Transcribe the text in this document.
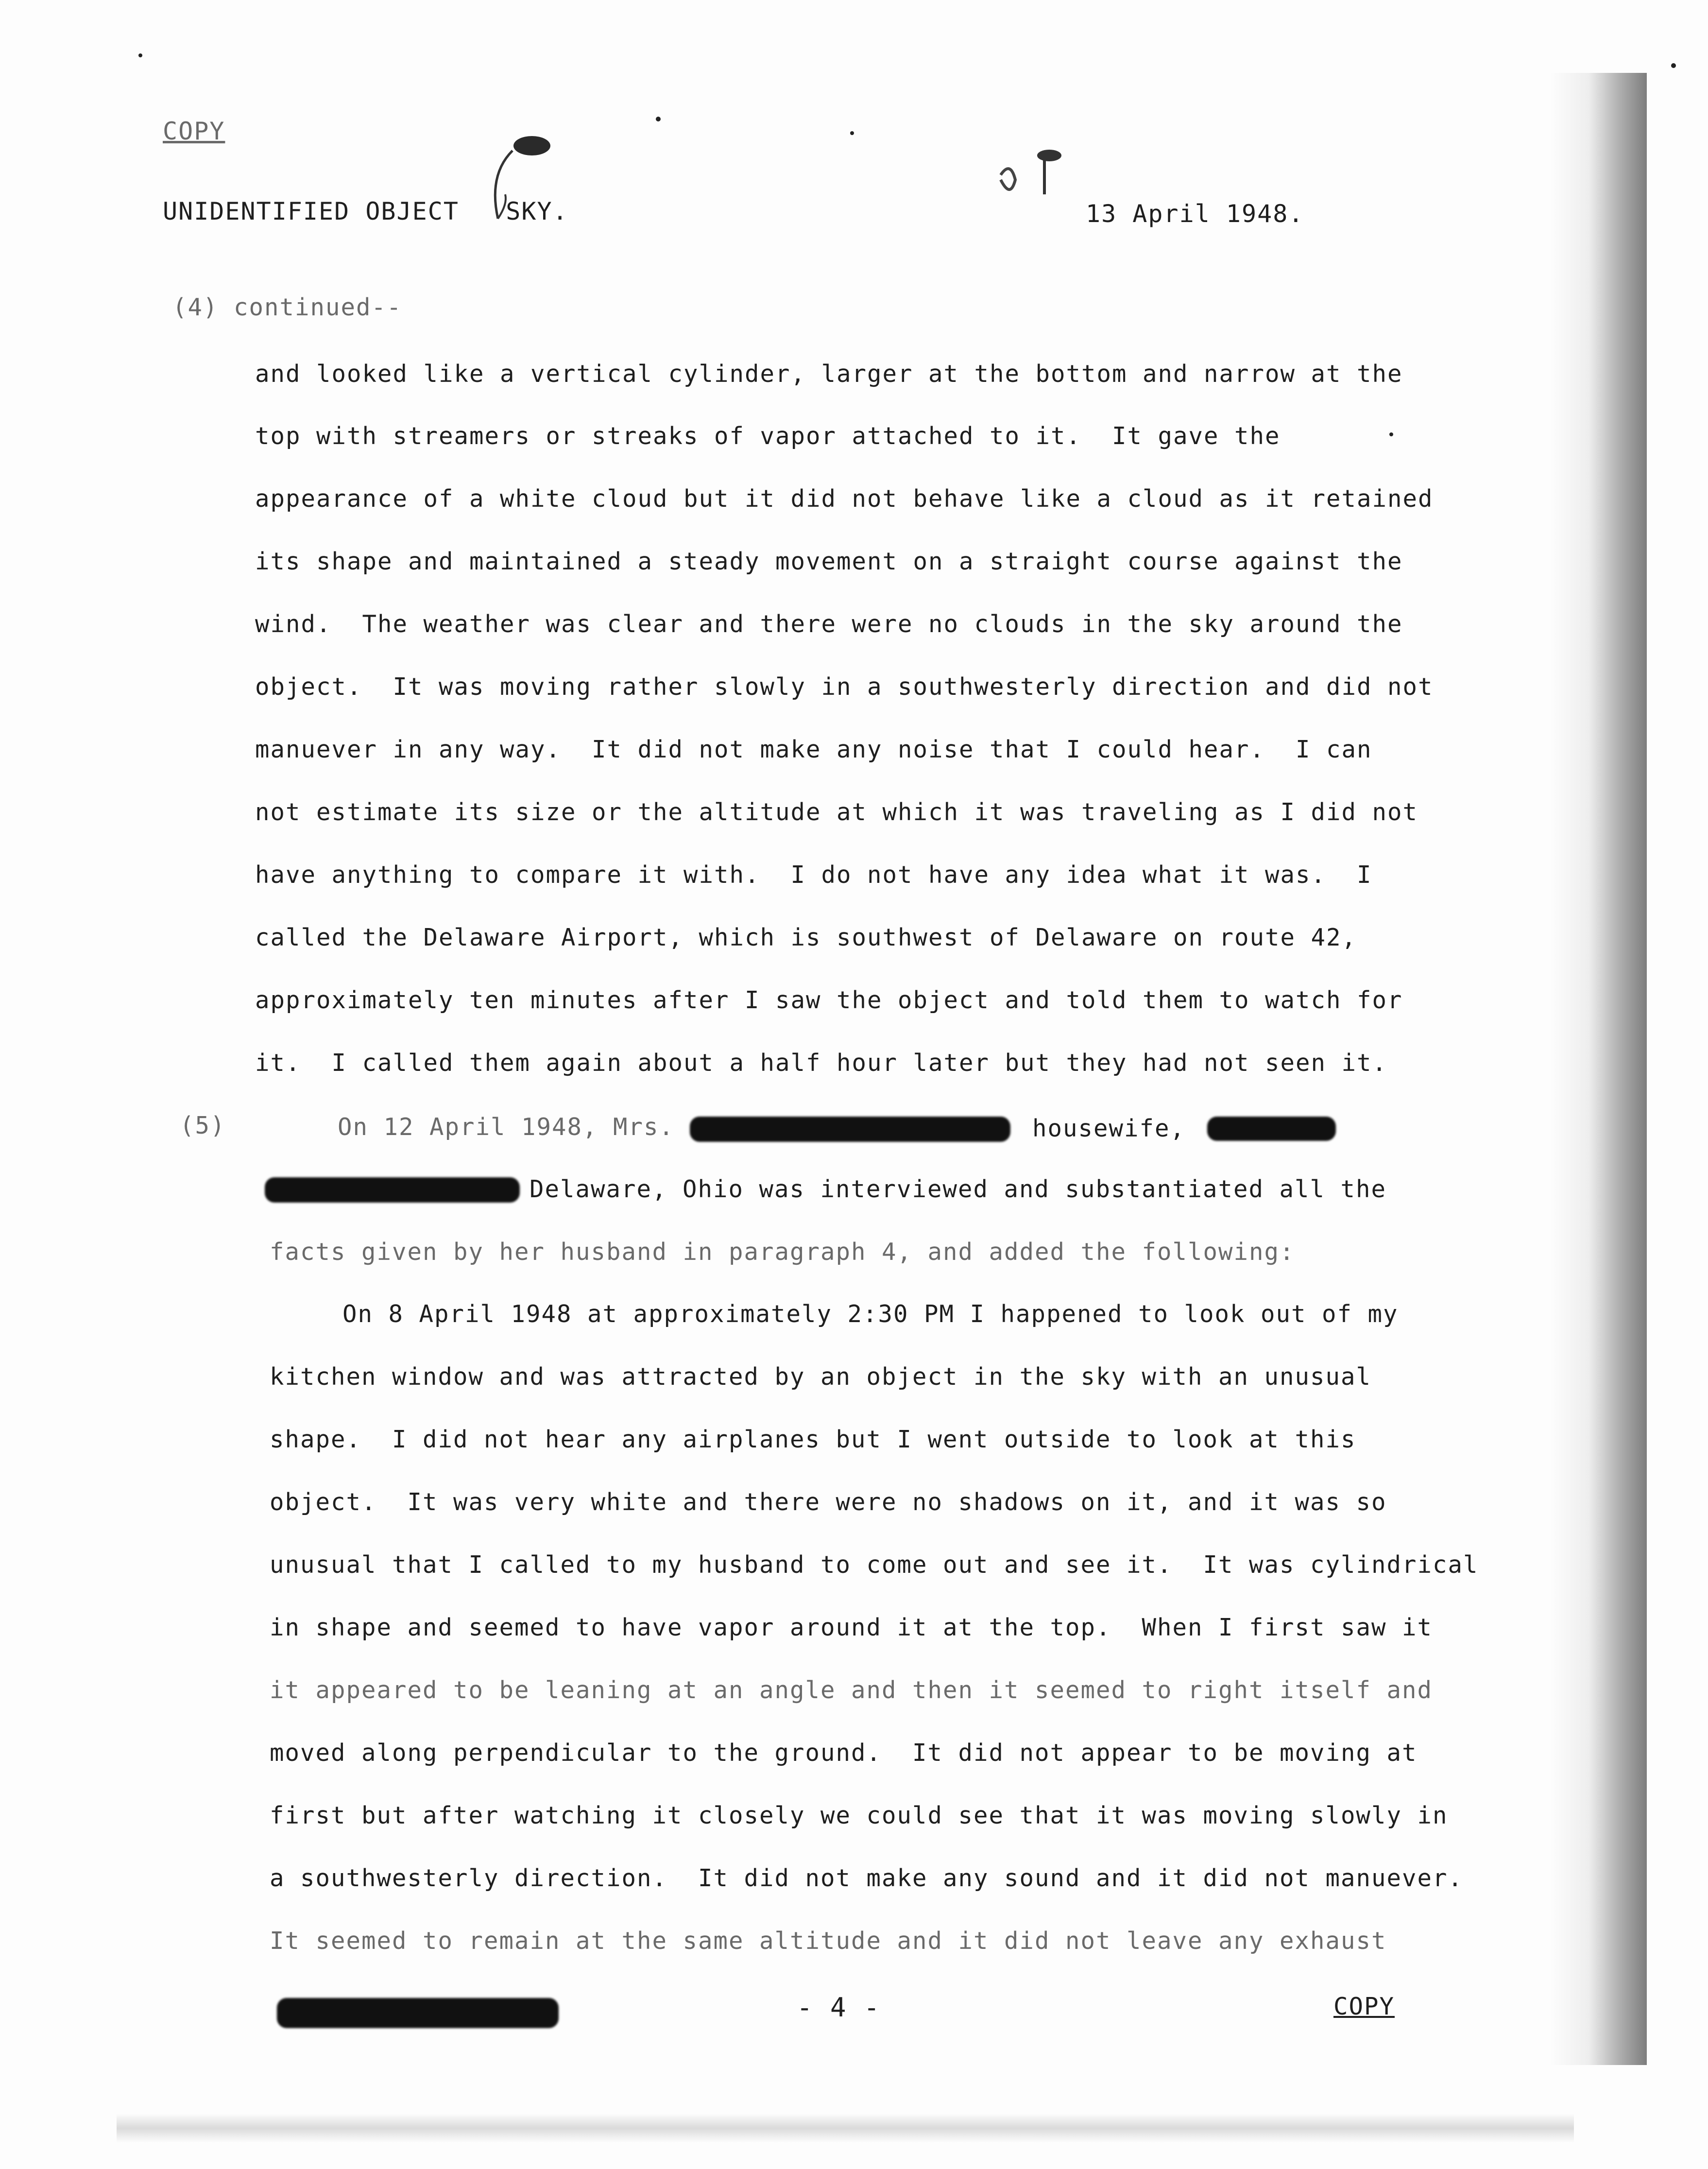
COPY
UNIDENTIFIED OBJECT   SKY.	13 April 1948.
(4) continued--
and looked like a vertical cylinder, larger at the bottom and narrow at the
top with streamers or streaks of vapor attached to it.  It gave the
appearance of a white cloud but it did not behave like a cloud as it retained
its shape and maintained a steady movement on a straight course against the
wind.  The weather was clear and there were no clouds in the sky around the
object.  It was moving rather slowly in a southwesterly direction and did not
manuever in any way.  It did not make any noise that I could hear.  I can
not estimate its size or the altitude at which it was traveling as I did not
have anything to compare it with.  I do not have any idea what it was.  I
called the Delaware Airport, which is southwest of Delaware on route 42,
approximately ten minutes after I saw the object and told them to watch for
it.  I called them again about a half hour later but they had not seen it.
(5)	On 12 April 1948, Mrs.	housewife,
Delaware, Ohio was interviewed and substantiated all the
facts given by her husband in paragraph 4, and added the following:
On 8 April 1948 at approximately 2:30 PM I happened to look out of my
kitchen window and was attracted by an object in the sky with an unusual
shape.  I did not hear any airplanes but I went outside to look at this
object.  It was very white and there were no shadows on it, and it was so
unusual that I called to my husband to come out and see it.  It was cylindrical
in shape and seemed to have vapor around it at the top.  When I first saw it
it appeared to be leaning at an angle and then it seemed to right itself and
moved along perpendicular to the ground.  It did not appear to be moving at
first but after watching it closely we could see that it was moving slowly in
a southwesterly direction.  It did not make any sound and it did not manuever.
It seemed to remain at the same altitude and it did not leave any exhaust
- 4 -	COPY
